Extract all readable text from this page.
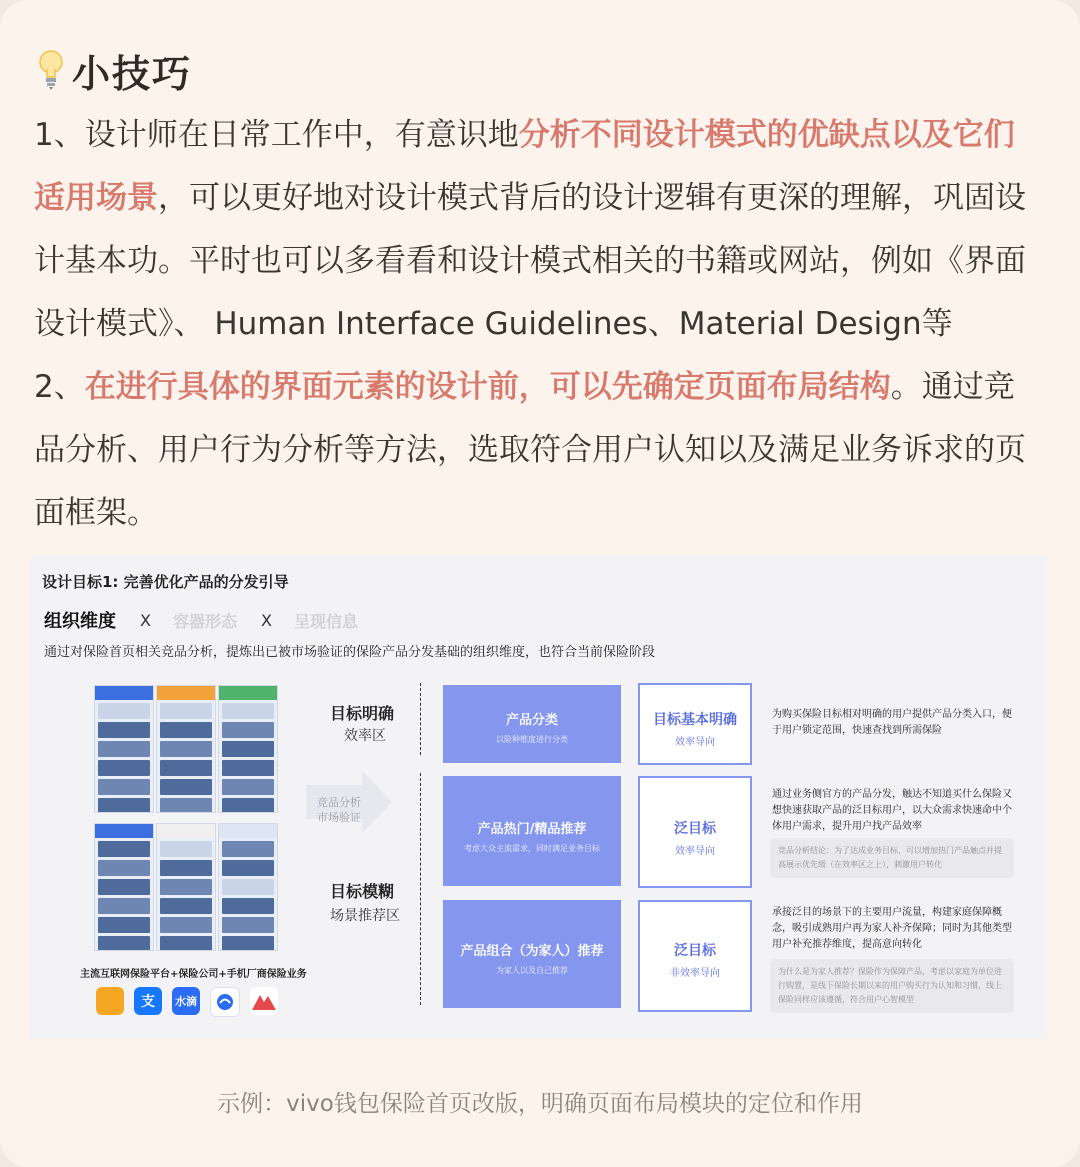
小技巧
1、设计师在日常工作中，有意识地分析不同设计模式的优缺点以及它们
适用场景，可以更好地对设计模式背后的设计逻辑有更深的理解，巩固设
计基本功。平时也可以多看看和设计模式相关的书籍或网站，例如《界面
设计模式》、 Human Interface Guidelines、Material Design等
2、在进行具体的界面元素的设计前，可以先确定页面布局结构。通过竞
品分析、用户行为分析等方法，选取符合用户认知以及满足业务诉求的页
面框架。
设计目标1: 完善优化产品的分发引导
组织维度 X 容器形态 X 呈现信息
通过对保险首页相关竞品分析，提炼出已被市场验证的保险产品分发基础的组织维度，也符合当前保险阶段
主流互联网保险平台+保险公司+手机厂商保险业务
支	水滴
竞品分析
市场验证
目标明确
效率区
目标模糊
场景推荐区
产品分类
以险种维度进行分类
目标基本明确
效率导向
为购买保险目标相对明确的用户提供产品分类入口，便于用户锁定范围，快速查找到所需保险
产品热门/精品推荐
考虑大众主流需求，同时满足业务目标
泛目标
效率导向
通过业务侧官方的产品分发，触达不知道买什么保险又想快速获取产品的泛目标用户，以大众需求快速命中个体用户需求，提升用户找产品效率
竞品分析结论：为了达成业务目标，可以增加热门产品触点并提高展示优先级（在效率区之上），刺激用户转化
产品组合（为家人）推荐
为家人以及自己推荐
泛目标
非效率导向
承接泛目的场景下的主要用户流量，构建家庭保障概念，吸引成熟用户再为家人补齐保障；同时为其他类型用户补充推荐维度，提高意向转化
为什么是为家人推荐？保险作为保障产品，考虑以家庭为单位进行购置，是线下保险长期以来的用户购买行为认知和习惯，线上保险同样应该遵循，符合用户心智模型
示例：vivo钱包保险首页改版，明确页面布局模块的定位和作用
